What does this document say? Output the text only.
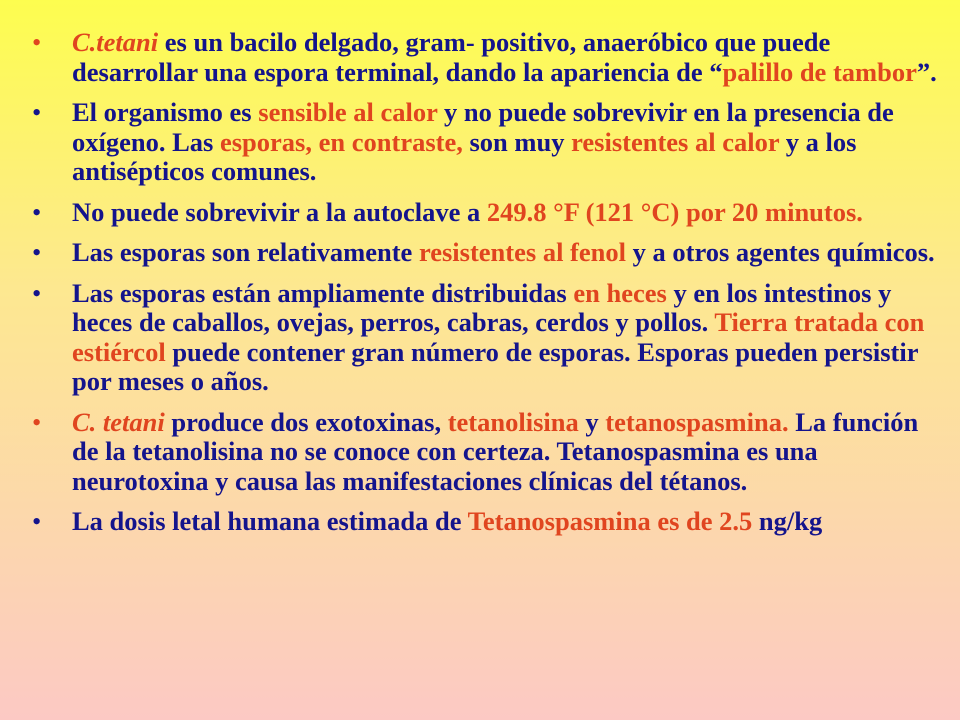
• C.tetani es un bacilo delgado, gram- positivo, anaeróbico que puede desarrollar una espora terminal, dando la apariencia de “palillo de tambor”.
• El organismo es sensible al calor y no puede sobrevivir en la presencia de oxígeno. Las esporas, en contraste, son muy resistentes al calor y a los antisépticos comunes.
• No puede sobrevivir a la autoclave a 249.8 °F (121 °C) por 20 minutos.
• Las esporas son relativamente resistentes al fenol y a otros agentes químicos.
• Las esporas están ampliamente distribuidas en heces y en los intestinos y heces de caballos, ovejas, perros, cabras, cerdos y pollos. Tierra tratada con estiércol puede contener gran número de esporas. Esporas pueden persistir por meses o años.
• C. tetani produce dos exotoxinas, tetanolisina y tetanospasmina. La función de la tetanolisina no se conoce con certeza. Tetanospasmina es una neurotoxina y causa las manifestaciones clínicas del tétanos.
• La dosis letal humana estimada de Tetanospasmina es de 2.5 ng/kg
